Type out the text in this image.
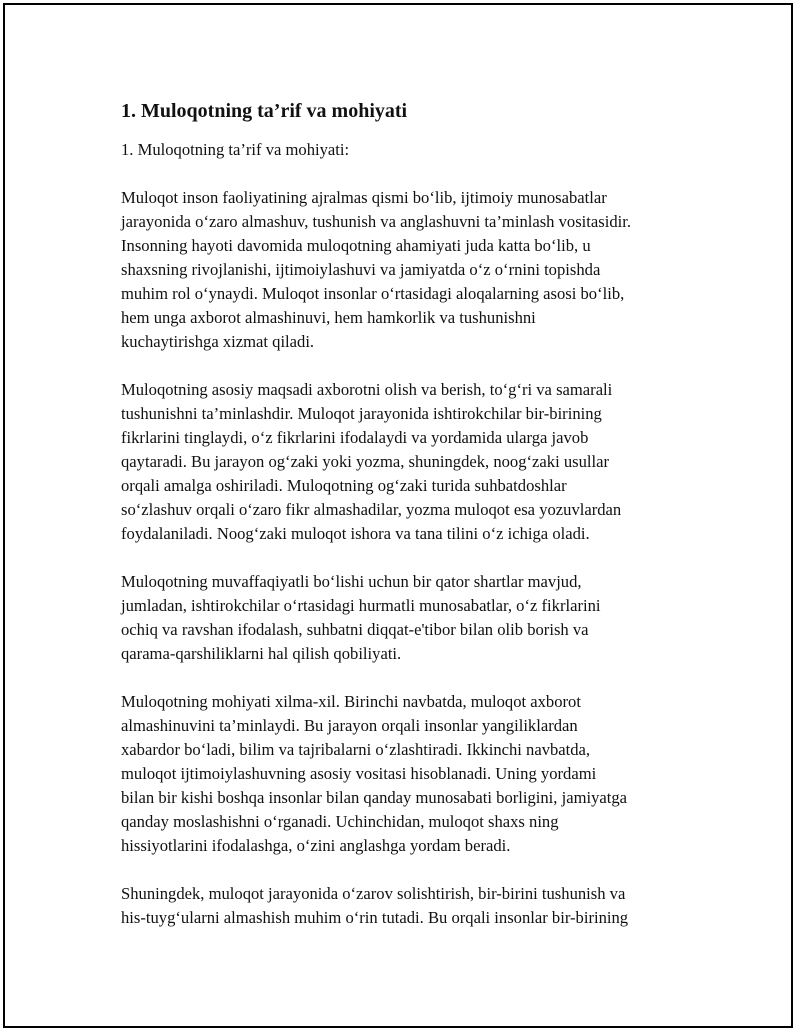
1. Muloqotning ta’rif va mohiyati

1. Muloqotning ta’rif va mohiyati:

Muloqot inson faoliyatining ajralmas qismi bo‘lib, ijtimoiy munosabatlar
jarayonida o‘zaro almashuv, tushunish va anglashuvni ta’minlash vositasidir.
Insonning hayoti davomida muloqotning ahamiyati juda katta bo‘lib, u
shaxsning rivojlanishi, ijtimoiylashuvi va jamiyatda o‘z o‘rnini topishda
muhim rol o‘ynaydi. Muloqot insonlar o‘rtasidagi aloqalarning asosi bo‘lib,
hem unga axborot almashinuvi, hem hamkorlik va tushunishni
kuchaytirishga xizmat qiladi.

Muloqotning asosiy maqsadi axborotni olish va berish, to‘g‘ri va samarali
tushunishni ta’minlashdir. Muloqot jarayonida ishtirokchilar bir-birining
fikrlarini tinglaydi, o‘z fikrlarini ifodalaydi va yordamida ularga javob
qaytaradi. Bu jarayon og‘zaki yoki yozma, shuningdek, noog‘zaki usullar
orqali amalga oshiriladi. Muloqotning og‘zaki turida suhbatdoshlar
so‘zlashuv orqali o‘zaro fikr almashadilar, yozma muloqot esa yozuvlardan
foydalaniladi. Noog‘zaki muloqot ishora va tana tilini o‘z ichiga oladi.

Muloqotning muvaffaqiyatli bo‘lishi uchun bir qator shartlar mavjud,
jumladan, ishtirokchilar o‘rtasidagi hurmatli munosabatlar, o‘z fikrlarini
ochiq va ravshan ifodalash, suhbatni diqqat-e'tibor bilan olib borish va
qarama-qarshiliklarni hal qilish qobiliyati.

Muloqotning mohiyati xilma-xil. Birinchi navbatda, muloqot axborot
almashinuvini ta’minlaydi. Bu jarayon orqali insonlar yangiliklardan
xabardor bo‘ladi, bilim va tajribalarni o‘zlashtiradi. Ikkinchi navbatda,
muloqot ijtimoiylashuvning asosiy vositasi hisoblanadi. Uning yordami
bilan bir kishi boshqa insonlar bilan qanday munosabati borligini, jamiyatga
qanday moslashishni o‘rganadi. Uchinchidan, muloqot shaxs ning
hissiyotlarini ifodalashga, o‘zini anglashga yordam beradi.

Shuningdek, muloqot jarayonida o‘zarov solishtirish, bir-birini tushunish va
his-tuyg‘ularni almashish muhim o‘rin tutadi. Bu orqali insonlar bir-birining
